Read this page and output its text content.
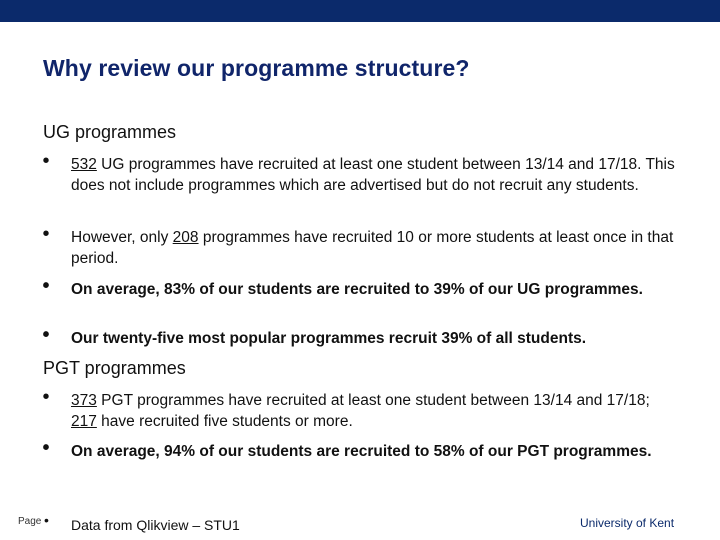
Why review our programme structure?
UG programmes
•	532 UG programmes have recruited at least one student between 13/14 and 17/18. This does not include programmes which are advertised but do not recruit any students.
•	However, only 208 programmes have recruited 10 or more students at least once in that period.
•	On average, 83% of our students are recruited to 39% of our UG programmes.
•	Our twenty-five most popular programmes recruit 39% of all students.
PGT programmes
•	373 PGT programmes have recruited at least one student between 13/14 and 17/18; 217 have recruited five students or more.
•	On average, 94% of our students are recruited to 58% of our PGT programmes.
Page • Data from Qlikview – STU1	University of Kent
